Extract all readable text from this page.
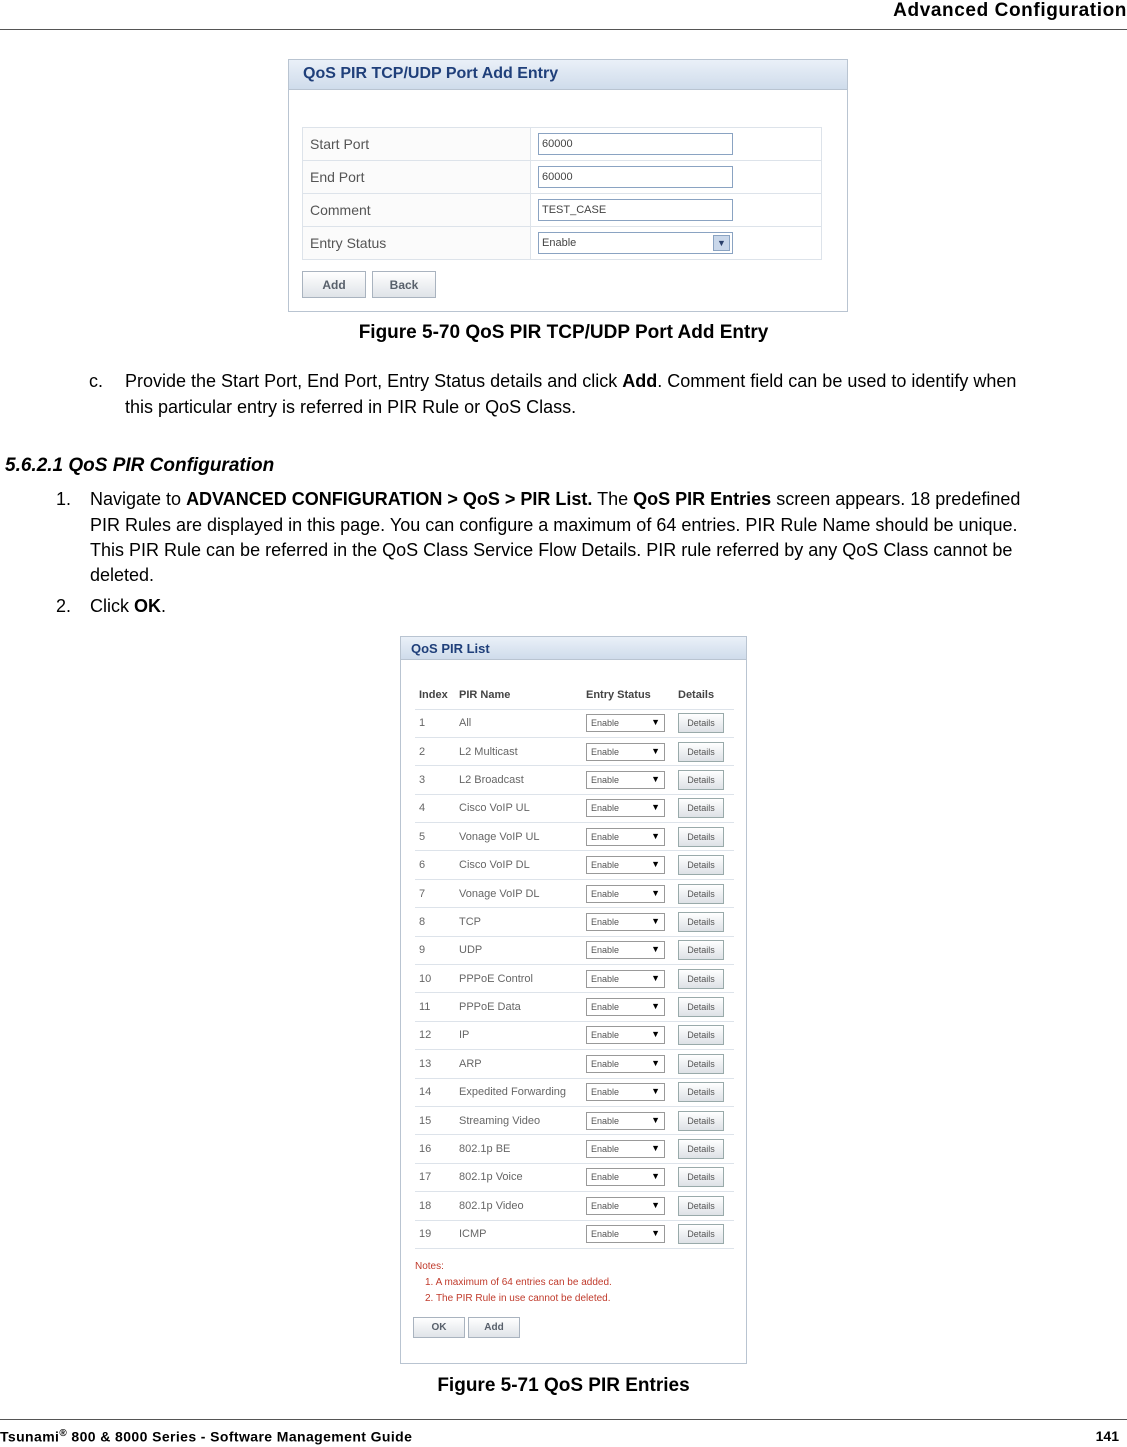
Advanced Configuration
QoS PIR TCP/UDP Port Add Entry
Start Port	60000
End Port	60000
Comment	TEST_CASE
Entry Status	Enable ▼
Add	Back
Figure 5-70 QoS PIR TCP/UDP Port Add Entry
c. Provide the Start Port, End Port, Entry Status details and click Add. Comment field can be used to identify when
this particular entry is referred in PIR Rule or QoS Class.
5.6.2.1 QoS PIR Configuration
1. Navigate to ADVANCED CONFIGURATION > QoS > PIR List. The QoS PIR Entries screen appears. 18 predefined
PIR Rules are displayed in this page. You can configure a maximum of 64 entries. PIR Rule Name should be unique.
This PIR Rule can be referred in the QoS Class Service Flow Details. PIR rule referred by any QoS Class cannot be
deleted.
2. Click OK.
QoS PIR List
Index	PIR Name	Entry Status	Details
1	All	Enable ▼	Details
2	L2 Multicast	Enable ▼	Details
3	L2 Broadcast	Enable ▼	Details
4	Cisco VoIP UL	Enable ▼	Details
5	Vonage VoIP UL	Enable ▼	Details
6	Cisco VoIP DL	Enable ▼	Details
7	Vonage VoIP DL	Enable ▼	Details
8	TCP	Enable ▼	Details
9	UDP	Enable ▼	Details
10	PPPoE Control	Enable ▼	Details
11	PPPoE Data	Enable ▼	Details
12	IP	Enable ▼	Details
13	ARP	Enable ▼	Details
14	Expedited Forwarding	Enable ▼	Details
15	Streaming Video	Enable ▼	Details
16	802.1p BE	Enable ▼	Details
17	802.1p Voice	Enable ▼	Details
18	802.1p Video	Enable ▼	Details
19	ICMP	Enable ▼	Details
Notes:
1. A maximum of 64 entries can be added.
2. The PIR Rule in use cannot be deleted.
OK	Add
Figure 5-71 QoS PIR Entries
Tsunami® 800 & 8000 Series - Software Management Guide	141
